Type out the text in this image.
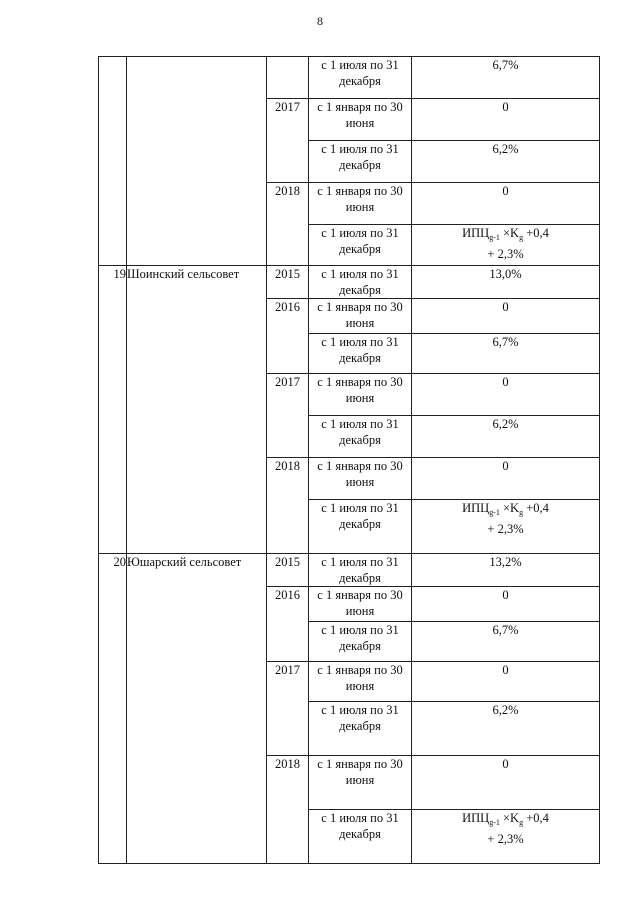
8
			с 1 июля по 31 декабря	6,7%
		2017	с 1 января по 30 июня	0
			с 1 июля по 31 декабря	6,2%
		2018	с 1 января по 30 июня	0
			с 1 июля по 31 декабря	$ИПЦ_{g-1} \times K_g +0,4$
+ 2,3%
19	Шоинский сельсовет	2015	с 1 июля по 31 декабря	13,0%
		2016	с 1 января по 30 июня	0
			с 1 июля по 31 декабря	6,7%
		2017	с 1 января по 30 июня	0
			с 1 июля по 31 декабря	6,2%
		2018	с 1 января по 30 июня	0
			с 1 июля по 31 декабря	$ИПЦ_{g-1} \times K_g +0,4$
+ 2,3%
20	Юшарский сельсовет	2015	с 1 июля по 31 декабря	13,2%
		2016	с 1 января по 30 июня	0
			с 1 июля по 31 декабря	6,7%
		2017	с 1 января по 30 июня	0
			с 1 июля по 31 декабря	6,2%
		2018	с 1 января по 30 июня	0
			с 1 июля по 31 декабря	$ИПЦ_{g-1} \times K_g +0,4$
+ 2,3%
